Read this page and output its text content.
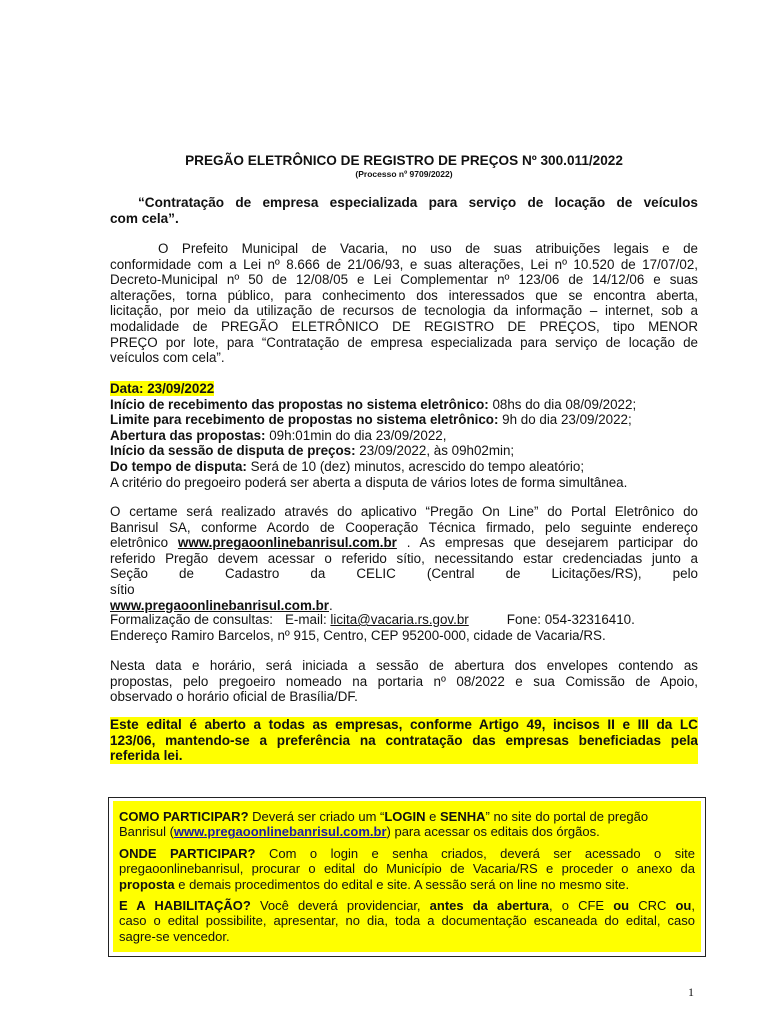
PREGÃO ELETRÔNICO DE REGISTRO DE PREÇOS Nº 300.011/2022
(Processo nº 9709/2022)
“Contratação de empresa especializada para serviço de locação de veículos
com cela”.
O Prefeito Municipal de Vacaria, no uso de suas atribuições legais e de
conformidade com a Lei nº 8.666 de 21/06/93, e suas alterações, Lei nº 10.520 de 17/07/02,
Decreto-Municipal nº 50 de 12/08/05 e Lei Complementar nº 123/06 de 14/12/06 e suas
alterações, torna público, para conhecimento dos interessados que se encontra aberta,
licitação, por meio da utilização de recursos de tecnologia da informação – internet, sob a
modalidade de PREGÃO ELETRÔNICO DE REGISTRO DE PREÇOS, tipo MENOR
PREÇO por lote, para “Contratação de empresa especializada para serviço de locação de
veículos com cela”.
Data: 23/09/2022
Início de recebimento das propostas no sistema eletrônico: 08hs do dia 08/09/2022;
Limite para recebimento de propostas no sistema eletrônico: 9h do dia 23/09/2022;
Abertura das propostas: 09h:01min do dia 23/09/2022,
Início da sessão de disputa de preços: 23/09/2022, às 09h02min;
Do tempo de disputa: Será de 10 (dez) minutos, acrescido do tempo aleatório;
A critério do pregoeiro poderá ser aberta a disputa de vários lotes de forma simultânea.
O certame será realizado através do aplicativo “Pregão On Line” do Portal Eletrônico do
Banrisul SA, conforme Acordo de Cooperação Técnica firmado, pelo seguinte endereço
eletrônico www.pregaoonlinebanrisul.com.br . As empresas que desejarem participar do
referido Pregão devem acessar o referido sítio, necessitando estar credenciadas junto a
Seção de Cadastro da CELIC (Central de Licitações/RS), pelo sítio
www.pregaoonlinebanrisul.com.br.
Formalização de consultas: E-mail: licita@vacaria.rs.gov.br	Fone: 054-32316410.
Endereço Ramiro Barcelos, nº 915, Centro, CEP 95200-000, cidade de Vacaria/RS.
Nesta data e horário, será iniciada a sessão de abertura dos envelopes contendo as
propostas, pelo pregoeiro nomeado na portaria nº 08/2022 e sua Comissão de Apoio,
observado o horário oficial de Brasília/DF.
Este edital é aberto a todas as empresas, conforme Artigo 49, incisos II e III da LC
123/06, mantendo-se a preferência na contratação das empresas beneficiadas pela
referida lei.
COMO PARTICIPAR? Deverá ser criado um “LOGIN e SENHA” no site do portal de pregão
Banrisul (www.pregaoonlinebanrisul.com.br) para acessar os editais dos órgãos.
ONDE PARTICIPAR? Com o login e senha criados, deverá ser acessado o site
pregaoonlinebanrisul, procurar o edital do Município de Vacaria/RS e proceder o anexo da
proposta e demais procedimentos do edital e site. A sessão será on line no mesmo site.
E A HABILITAÇÃO? Você deverá providenciar, antes da abertura, o CFE ou CRC ou,
caso o edital possibilite, apresentar, no dia, toda a documentação escaneada do edital, caso
sagre-se vencedor.
1
